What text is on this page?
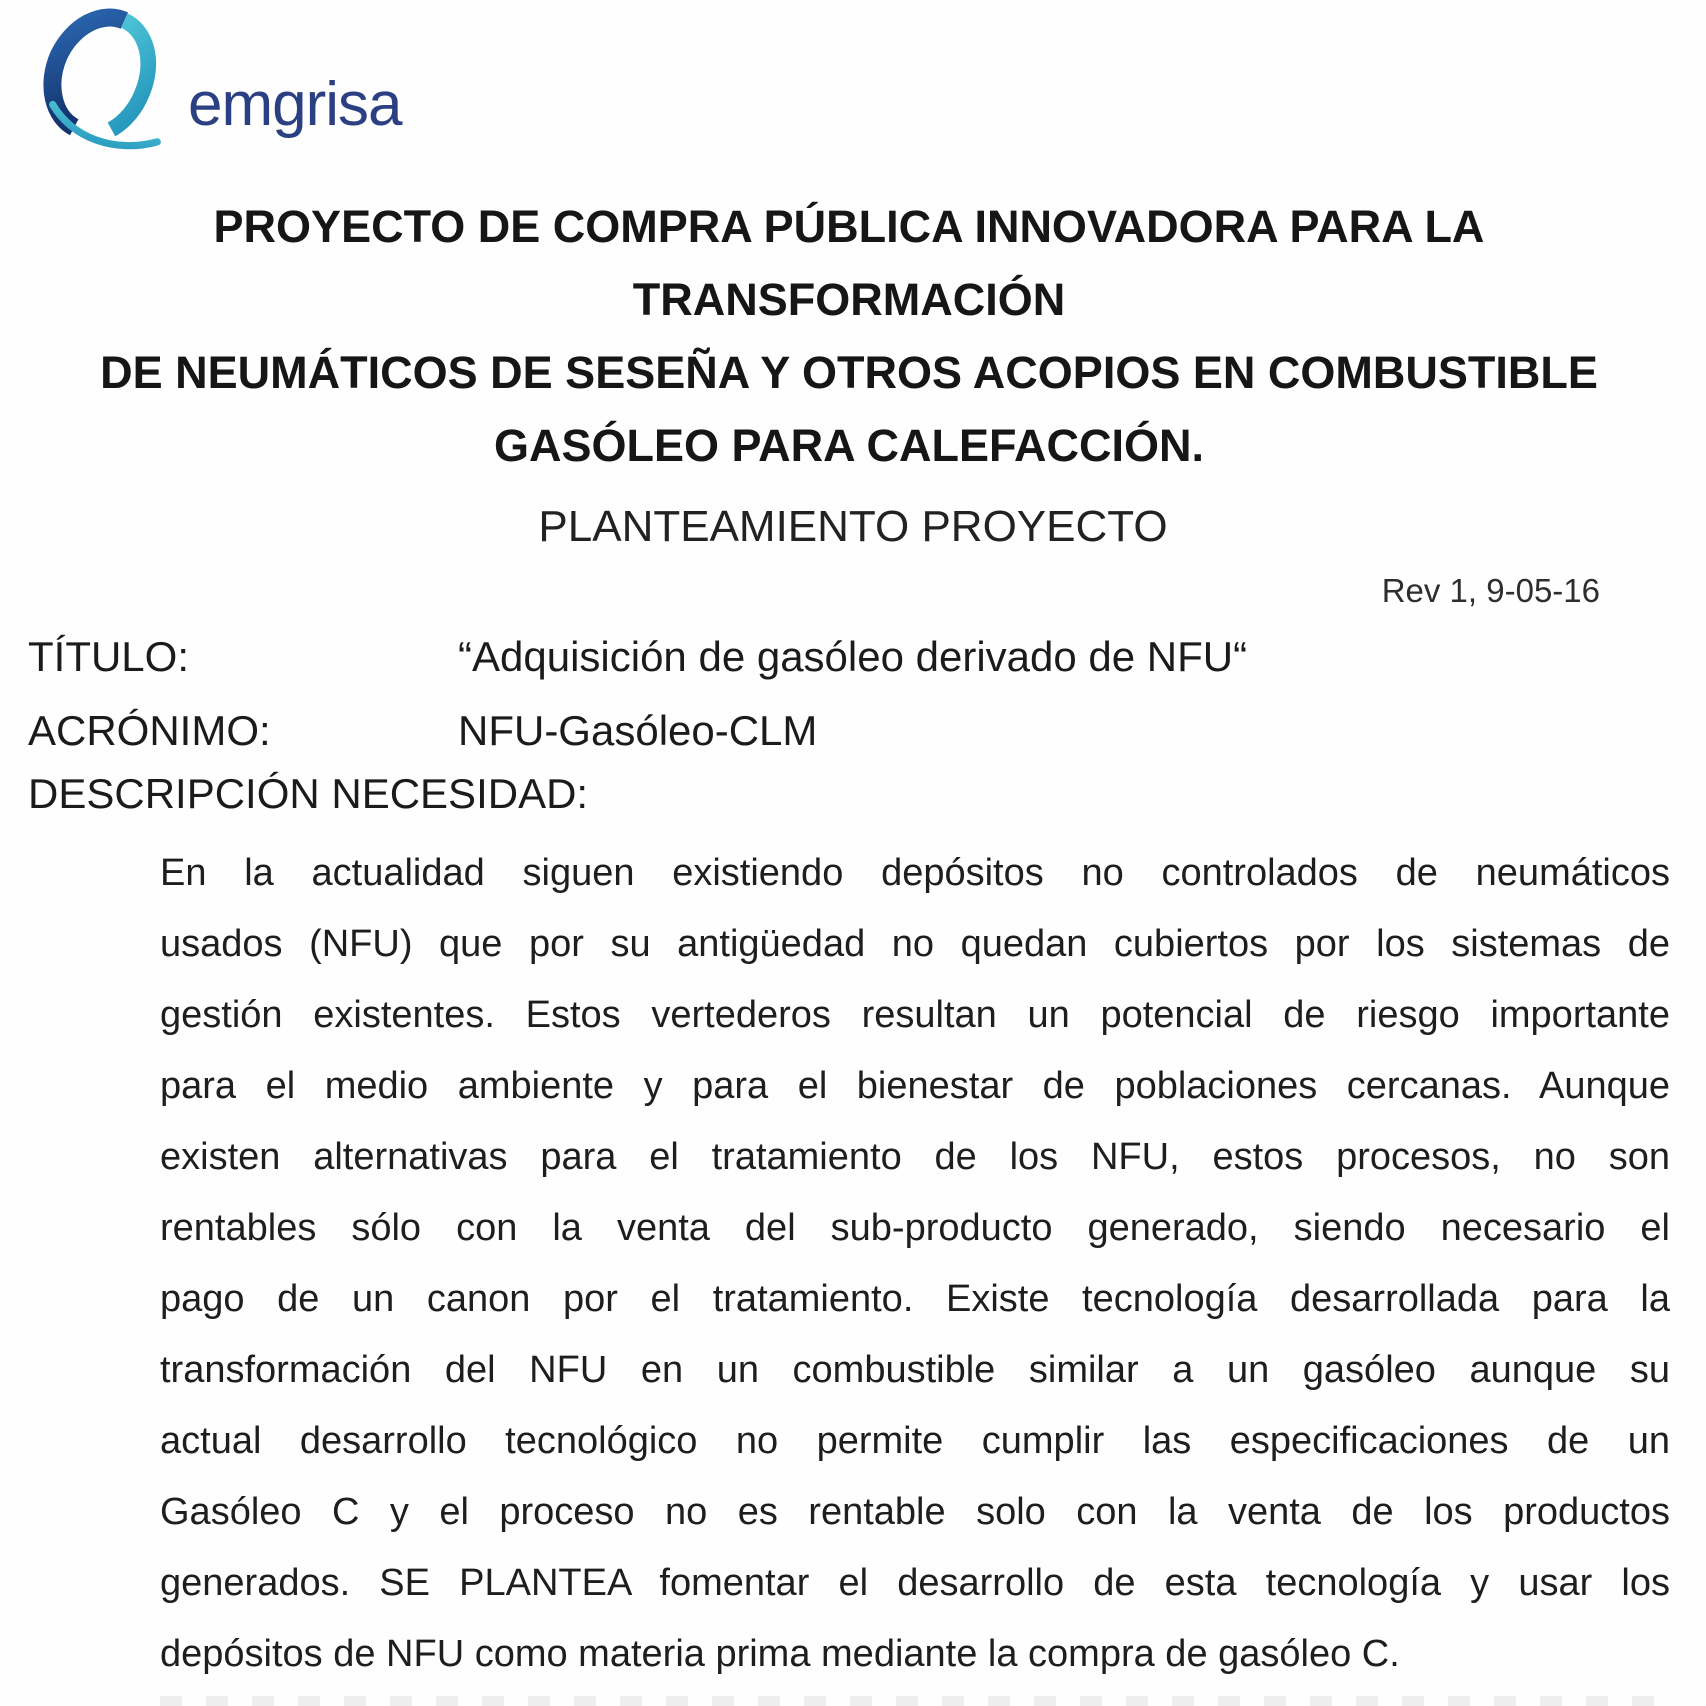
emgrisa
PROYECTO DE COMPRA PÚBLICA INNOVADORA PARA LA TRANSFORMACIÓN
DE NEUMÁTICOS DE SESEÑA Y OTROS ACOPIOS EN COMBUSTIBLE
GASÓLEO PARA CALEFACCIÓN.
PLANTEAMIENTO PROYECTO
Rev 1, 9-05-16
TÍTULO:	“Adquisición de gasóleo derivado de NFU“
ACRÓNIMO:	NFU-Gasóleo-CLM
DESCRIPCIÓN NECESIDAD:
En la actualidad siguen existiendo depósitos no controlados de neumáticos
usados (NFU) que por su antigüedad no quedan cubiertos por los sistemas de
gestión existentes. Estos vertederos resultan un potencial de riesgo importante
para el medio ambiente y para el bienestar de poblaciones cercanas. Aunque
existen alternativas para el tratamiento de los NFU, estos procesos, no son
rentables sólo con la venta del sub-producto generado, siendo necesario el
pago de un canon por el tratamiento. Existe tecnología desarrollada para la
transformación del NFU en un combustible similar a un gasóleo aunque su
actual desarrollo tecnológico no permite cumplir las especificaciones de un
Gasóleo C y el proceso no es rentable solo con la venta de los productos
generados. SE PLANTEA fomentar el desarrollo de esta tecnología y usar los
depósitos de NFU como materia prima mediante la compra de gasóleo C.
